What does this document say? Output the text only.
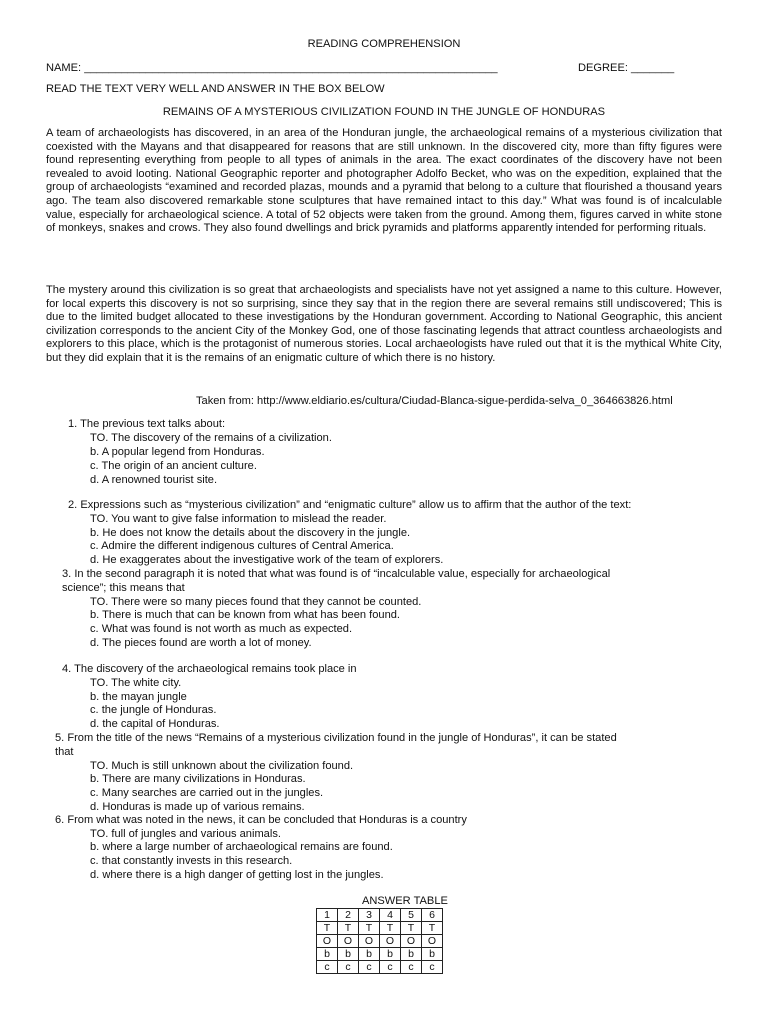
READING COMPREHENSION
NAME: ___________________________________________________________________	DEGREE: _______
READ THE TEXT VERY WELL AND ANSWER IN THE BOX BELOW
REMAINS OF A MYSTERIOUS CIVILIZATION FOUND IN THE JUNGLE OF HONDURAS
A team of archaeologists has discovered, in an area of the Honduran jungle, the archaeological remains of a mysterious civilization that coexisted with the Mayans and that disappeared for reasons that are still unknown. In the discovered city, more than fifty figures were found representing everything from people to all types of animals in the area. The exact coordinates of the discovery have not been revealed to avoid looting. National Geographic reporter and photographer Adolfo Becket, who was on the expedition, explained that the group of archaeologists “examined and recorded plazas, mounds and a pyramid that belong to a culture that flourished a thousand years ago. The team also discovered remarkable stone sculptures that have remained intact to this day.” What was found is of incalculable value, especially for archaeological science. A total of 52 objects were taken from the ground. Among them, figures carved in white stone of monkeys, snakes and crows. They also found dwellings and brick pyramids and platforms apparently intended for performing rituals.
The mystery around this civilization is so great that archaeologists and specialists have not yet assigned a name to this culture. However, for local experts this discovery is not so surprising, since they say that in the region there are several remains still undiscovered; This is due to the limited budget allocated to these investigations by the Honduran government. According to National Geographic, this ancient civilization corresponds to the ancient City of the Monkey God, one of those fascinating legends that attract countless archaeologists and explorers to this place, which is the protagonist of numerous stories. Local archaeologists have ruled out that it is the mythical White City, but they did explain that it is the remains of an enigmatic culture of which there is no history.
Taken from: http://www.eldiario.es/cultura/Ciudad-Blanca-sigue-perdida-selva_0_364663826.html
1. The previous text talks about:
TO. The discovery of the remains of a civilization.
b. A popular legend from Honduras.
c. The origin of an ancient culture.
d. A renowned tourist site.
2. Expressions such as “mysterious civilization” and “enigmatic culture” allow us to affirm that the author of the text:
TO. You want to give false information to mislead the reader.
b. He does not know the details about the discovery in the jungle.
c. Admire the different indigenous cultures of Central America.
d. He exaggerates about the investigative work of the team of explorers.
3. In the second paragraph it is noted that what was found is of “incalculable value, especially for archaeological
science”; this means that
TO. There were so many pieces found that they cannot be counted.
b. There is much that can be known from what has been found.
c. What was found is not worth as much as expected.
d. The pieces found are worth a lot of money.
4. The discovery of the archaeological remains took place in
TO. The white city.
b. the mayan jungle
c. the jungle of Honduras.
d. the capital of Honduras.
5. From the title of the news “Remains of a mysterious civilization found in the jungle of Honduras”, it can be stated
that
TO. Much is still unknown about the civilization found.
b. There are many civilizations in Honduras.
c. Many searches are carried out in the jungles.
d. Honduras is made up of various remains.
6. From what was noted in the news, it can be concluded that Honduras is a country
TO. full of jungles and various animals.
b. where a large number of archaeological remains are found.
c. that constantly invests in this research.
d. where there is a high danger of getting lost in the jungles.
ANSWER TABLE
1	2	3	4	5	6
T	T	T	T	T	T
O	O	O	O	O	O
b	b	b	b	b	b
c	c	c	c	c	c
